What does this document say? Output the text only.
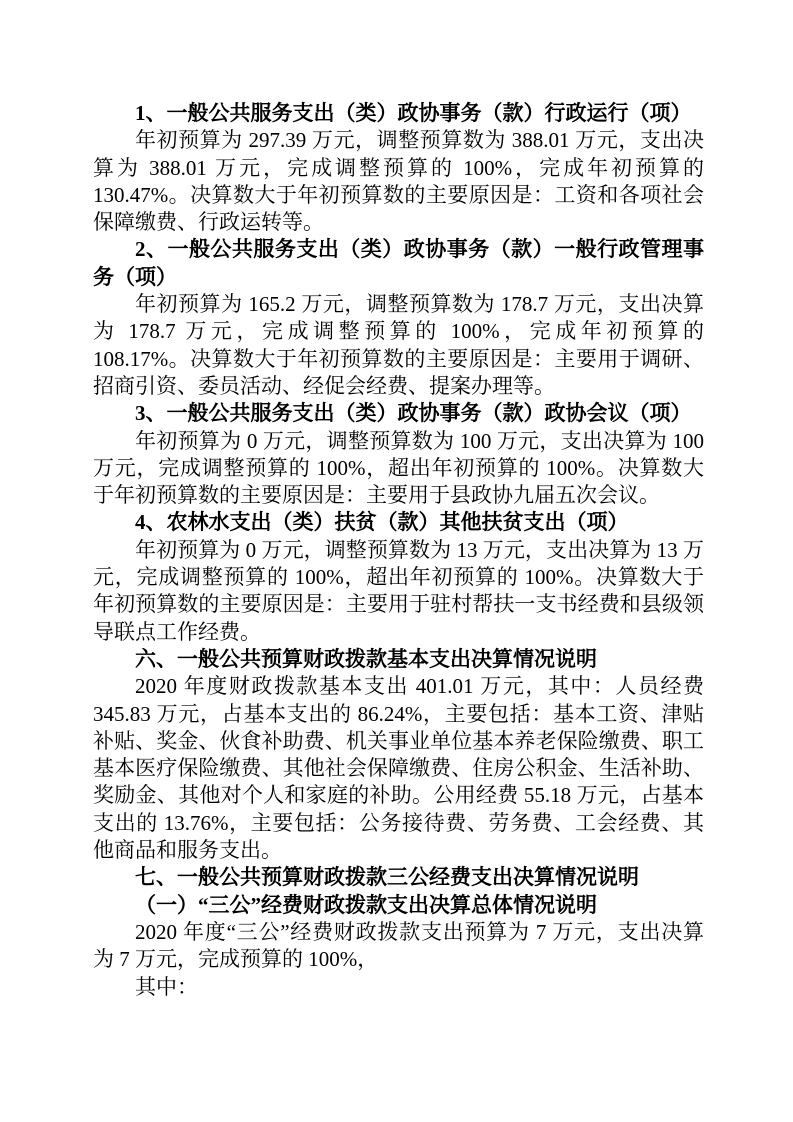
1、一般公共服务支出（类）政协事务（款）行政运行（项）

年初预算为 297.39 万元，调整预算数为 388.01 万元，支出决算为 388.01 万元，完成调整预算的 100%，完成年初预算的 130.47%。决算数大于年初预算数的主要原因是：工资和各项社会保障缴费、行政运转等。

2、一般公共服务支出（类）政协事务（款）一般行政管理事务（项）

年初预算为 165.2 万元，调整预算数为 178.7 万元，支出决算为 178.7 万元，完成调整预算的 100%，完成年初预算的 108.17%。决算数大于年初预算数的主要原因是：主要用于调研、招商引资、委员活动、经促会经费、提案办理等。

3、一般公共服务支出（类）政协事务（款）政协会议（项）

年初预算为 0 万元，调整预算数为 100 万元，支出决算为 100 万元，完成调整预算的 100%，超出年初预算的 100%。决算数大于年初预算数的主要原因是：主要用于县政协九届五次会议。

4、农林水支出（类）扶贫（款）其他扶贫支出（项）

年初预算为 0 万元，调整预算数为 13 万元，支出决算为 13 万元，完成调整预算的 100%，超出年初预算的 100%。决算数大于年初预算数的主要原因是：主要用于驻村帮扶一支书经费和县级领导联点工作经费。

六、一般公共预算财政拨款基本支出决算情况说明

2020 年度财政拨款基本支出 401.01 万元，其中：人员经费 345.83 万元，占基本支出的 86.24%，主要包括：基本工资、津贴补贴、奖金、伙食补助费、机关事业单位基本养老保险缴费、职工基本医疗保险缴费、其他社会保障缴费、住房公积金、生活补助、奖励金、其他对个人和家庭的补助。公用经费 55.18 万元，占基本支出的 13.76%，主要包括：公务接待费、劳务费、工会经费、其他商品和服务支出。

七、一般公共预算财政拨款三公经费支出决算情况说明

（一）“三公”经费财政拨款支出决算总体情况说明

2020 年度“三公”经费财政拨款支出预算为 7 万元，支出决算为 7 万元，完成预算的 100%，

其中：
